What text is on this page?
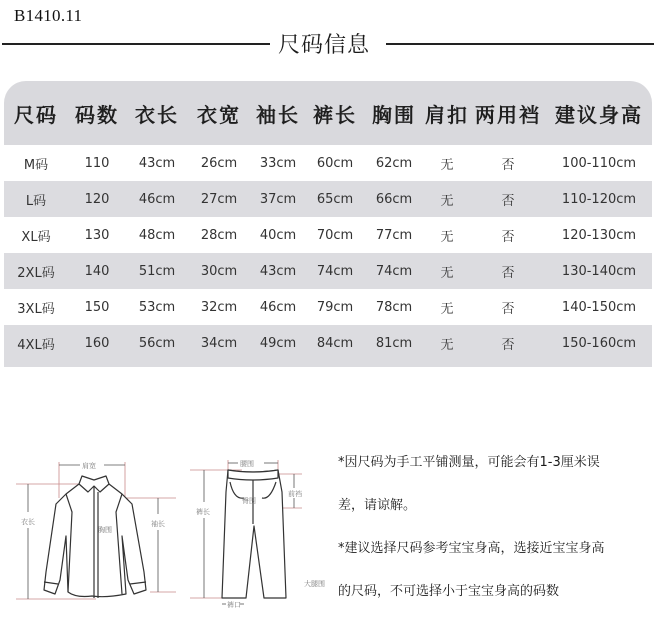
B1410.11
尺码信息
尺码 码数 衣长 衣宽 袖长 裤长 胸围 肩扣 两用裆 建议身高
M码	110	43cm	26cm	33cm	60cm	62cm	无	否	100-110cm
L码	120	46cm	27cm	37cm	65cm	66cm	无	否	110-120cm
XL码	130	48cm	28cm	40cm	70cm	77cm	无	否	120-130cm
2XL码	140	51cm	30cm	43cm	74cm	74cm	无	否	130-140cm
3XL码	150	53cm	32cm	46cm	79cm	78cm	无	否	140-150cm
4XL码	160	56cm	34cm	49cm	84cm	81cm	无	否	150-160cm
肩宽
衣长
胸围
袖长
腰围
裤长
前裆
臀围
裤口
大腿围
*因尺码为手工平铺测量，可能会有1-3厘米误
差，请谅解。
*建议选择尺码参考宝宝身高，选接近宝宝身高
的尺码，不可选择小于宝宝身高的码数
